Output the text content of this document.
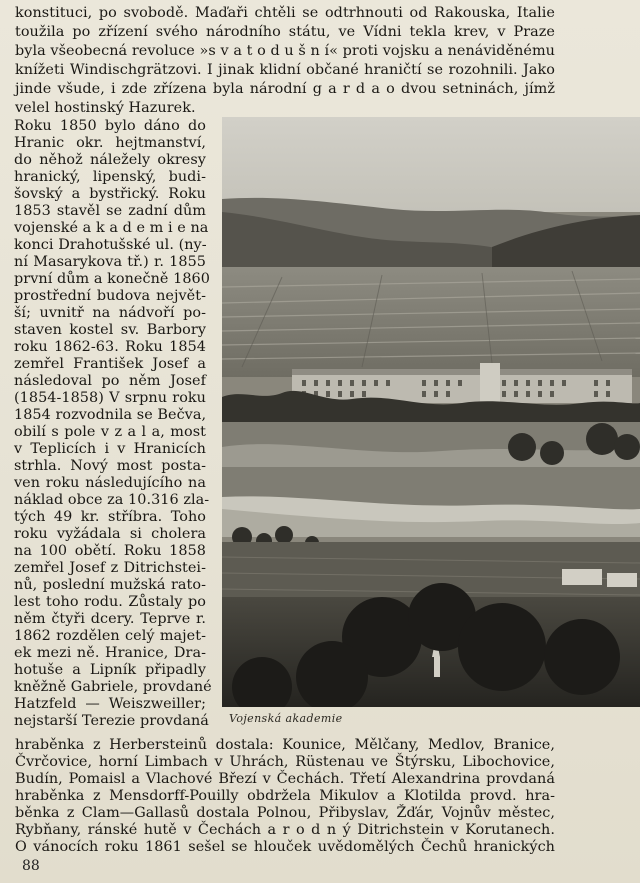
konstituci, po svobodě. Maďaři chtěli se odtrhnouti od Rakouska, Italie
toužila po zřízení svého národního státu, ve Vídni tekla krev, v Praze
byla všeobecná revoluce »s v a t o d u š n í« proti vojsku a nenáviděnému
knížeti Windischgrätzovi. I jinak klidní občané hraničtí se rozohnili. Jako
jinde všude, i zde zřízena byla národní g a r d a o dvou setninách, jímž
velel hostinský Hazurek.
Roku 1850 bylo dáno do
Hranic okr. hejtmanství,
do něhož náležely okresy
hranický, lipenský, budi-
šovský a bystřický. Roku
1853 stavěl se zadní dům
vojenské a k a d e m i e na
konci Drahotušské ul. (ny-
ní Masarykova tř.) r. 1855
první dům a konečně 1860
prostřední budova největ-
ší; uvnitř na nádvoří po-
staven kostel sv. Barbory
roku 1862-63. Roku 1854
zemřel František Josef a
následoval po něm Josef
(1854-1858) V srpnu roku
1854 rozvodnila se Bečva,
obilí s pole v z a l a, most
v Teplicích i v Hranicích
strhla. Nový most posta-
ven roku následujícího na
náklad obce za 10.316 zla-
tých 49 kr. stříbra. Toho
roku vyžádala si cholera
na 100 obětí. Roku 1858
zemřel Josef z Ditrichstei-
nů, poslední mužská rato-
lest toho rodu. Zůstaly po
něm čtyři dcery. Teprve r.
1862 rozdělen celý majet-
ek mezi ně. Hranice, Dra-
hotuše a Lipník připadly
kněžně Gabriele, provdané
Hatzfeld — Weiszweiller;
nejstarší Terezie provdaná Vojenská akademie
hraběnka z Herbersteinů dostala: Kounice, Mělčany, Medlov, Branice,
Čvrčovice, horní Limbach v Uhrách, Rüstenau ve Štýrsku, Libochovice,
Budín, Pomaisl a Vlachové Březí v Čechách. Třetí Alexandrina provdaná
hraběnka z Mensdorff-Pouilly obdržela Mikulov a Klotilda provd. hra-
běnka z Clam—Gallasů dostala Polnou, Přibyslav, Žďár, Vojnův městec,
Rybňany, ránské hutě v Čechách a r o d n ý Ditrichstein v Korutanech.
O vánocích roku 1861 sešel se hlouček uvědomělých Čechů hranických
88
